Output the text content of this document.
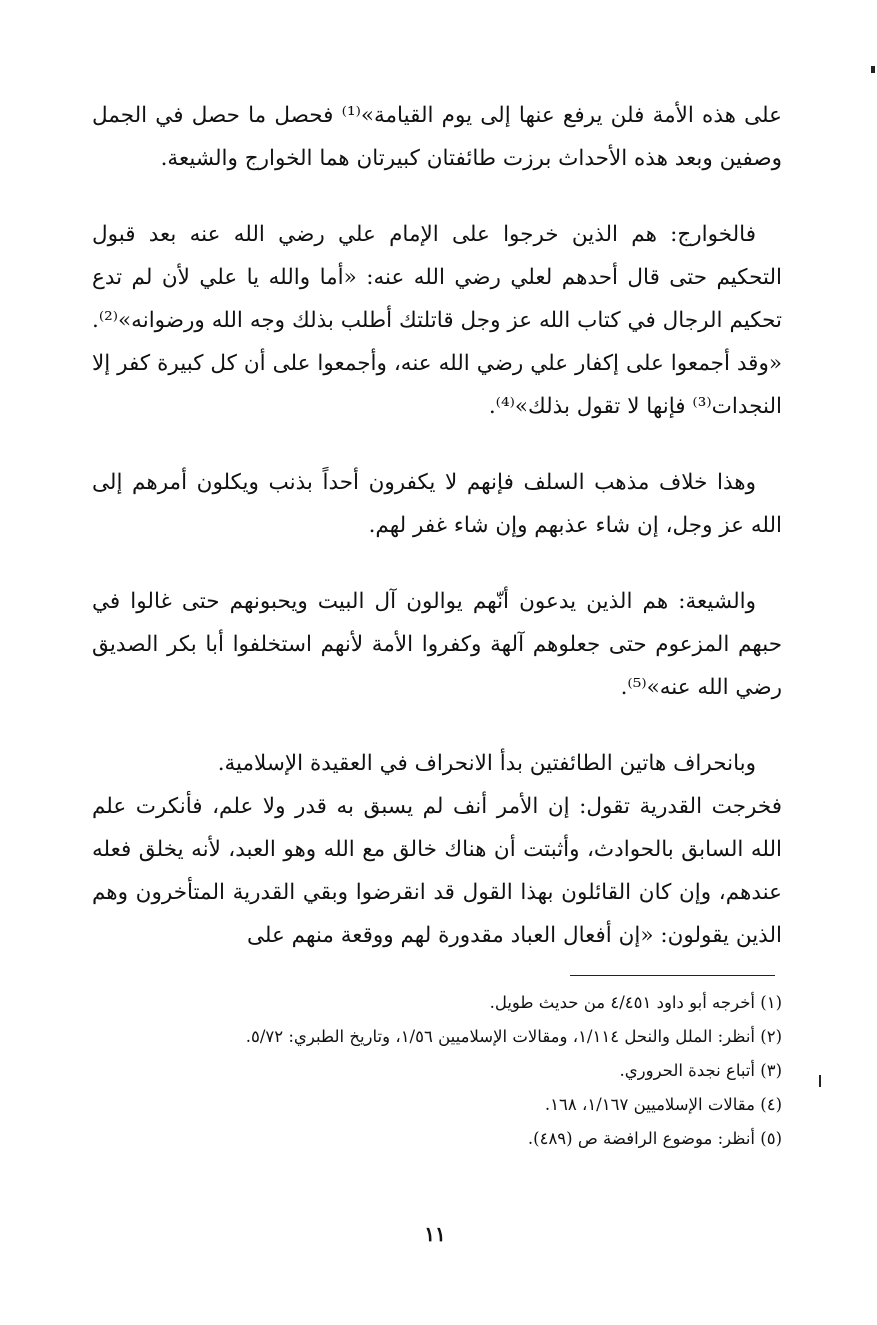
على هذه الأمة فلن يرفع عنها إلى يوم القيامة»⁽¹⁾ فحصل ما حصل في الجمل وصفين وبعد هذه الأحداث برزت طائفتان كبيرتان هما الخوارج والشيعة.

فالخوارج: هم الذين خرجوا على الإمام علي رضي الله عنه بعد قبول التحكيم حتى قال أحدهم لعلي رضي الله عنه: «أما والله يا علي لأن لم تدع تحكيم الرجال في كتاب الله عز وجل قاتلتك أطلب بذلك وجه الله ورضوانه»⁽²⁾. «وقد أجمعوا على إكفار علي رضي الله عنه، وأجمعوا على أن كل كبيرة كفر إلا النجدات⁽³⁾ فإنها لا تقول بذلك»⁽⁴⁾.

وهذا خلاف مذهب السلف فإنهم لا يكفرون أحداً بذنب ويكلون أمرهم إلى الله عز وجل، إن شاء عذبهم وإن شاء غفر لهم.

والشيعة: هم الذين يدعون أنّهم يوالون آل البيت ويحبونهم حتى غالوا في حبهم المزعوم حتى جعلوهم آلهة وكفروا الأمة لأنهم استخلفوا أبا بكر الصديق رضي الله عنه»⁽⁵⁾.

وبانحراف هاتين الطائفتين بدأ الانحراف في العقيدة الإسلامية.

فخرجت القدرية تقول: إن الأمر أنف لم يسبق به قدر ولا علم، فأنكرت علم الله السابق بالحوادث، وأثبتت أن هناك خالق مع الله وهو العبد، لأنه يخلق فعله عندهم، وإن كان القائلون بهذا القول قد انقرضوا وبقي القدرية المتأخرون وهم الذين يقولون: «إن أفعال العباد مقدورة لهم ووقعة منهم على

(١) أخرجه أبو داود ٤/٤٥١ من حديث طويل.

(٢) أنظر: الملل والنحل ١/١١٤، ومقالات الإسلاميين ١/٥٦، وتاريخ الطبري: ٥/٧٢.

(٣) أتباع نجدة الحروري.

(٤) مقالات الإسلاميين ١/١٦٧، ١٦٨.

(٥) أنظر: موضوع الرافضة ص (٤٨٩).

١١
